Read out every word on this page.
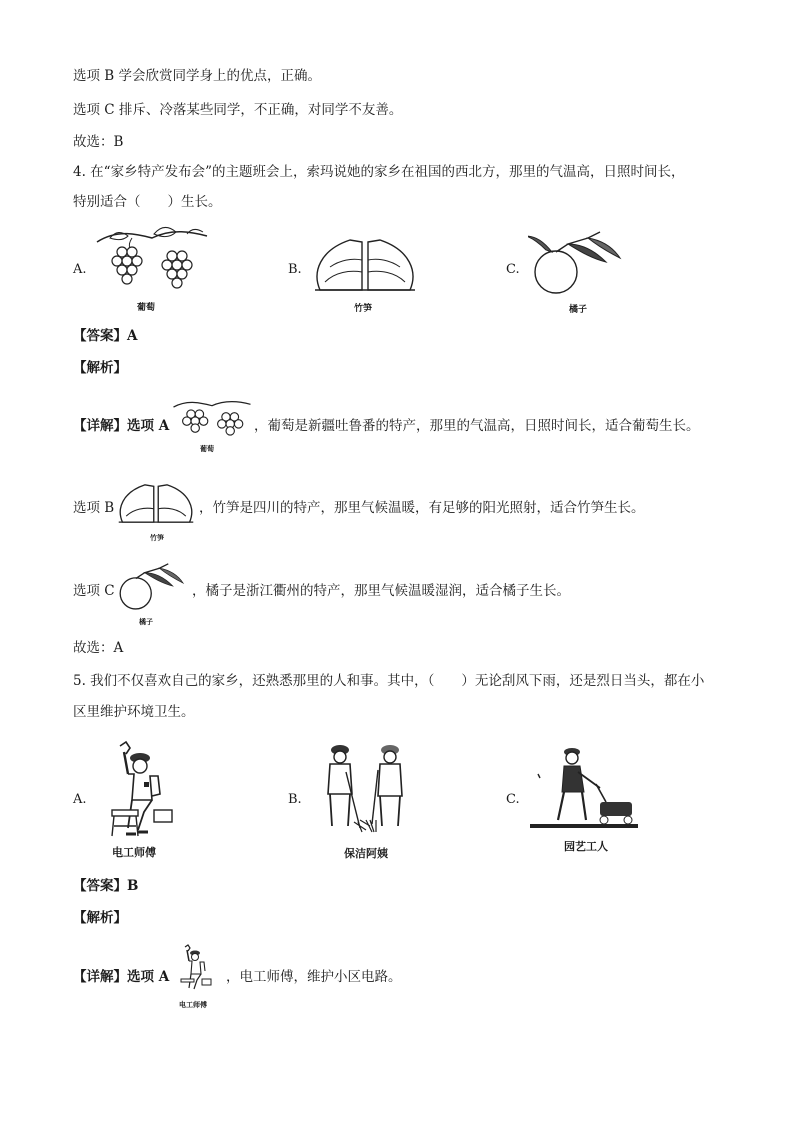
选项 B 学会欣赏同学身上的优点，正确。
选项 C 排斥、冷落某些同学，不正确，对同学不友善。
故选：B
4. 在“家乡特产发布会”的主题班会上，索玛说她的家乡在祖国的西北方，那里的气温高，日照时间长，
特别适合（　　）生长。
A.
葡萄
B.
竹笋
C.
橘子
【答案】A
【解析】
【详解】选项 A
葡萄
，葡萄是新疆吐鲁番的特产，那里的气温高，日照时间长，适合葡萄生长。
选项 B
竹笋
，竹笋是四川的特产，那里气候温暖，有足够的阳光照射，适合竹笋生长。
选项 C
橘子
，橘子是浙江衢州的特产，那里气候温暖湿润，适合橘子生长。
故选：A
5. 我们不仅喜欢自己的家乡，还熟悉那里的人和事。其中，（　　）无论刮风下雨，还是烈日当头，都在小
区里维护环境卫生。
A.
电工师傅
B.
保洁阿姨
C.
园艺工人
【答案】B
【解析】
【详解】选项 A
电工师傅
，电工师傅，维护小区电路。
